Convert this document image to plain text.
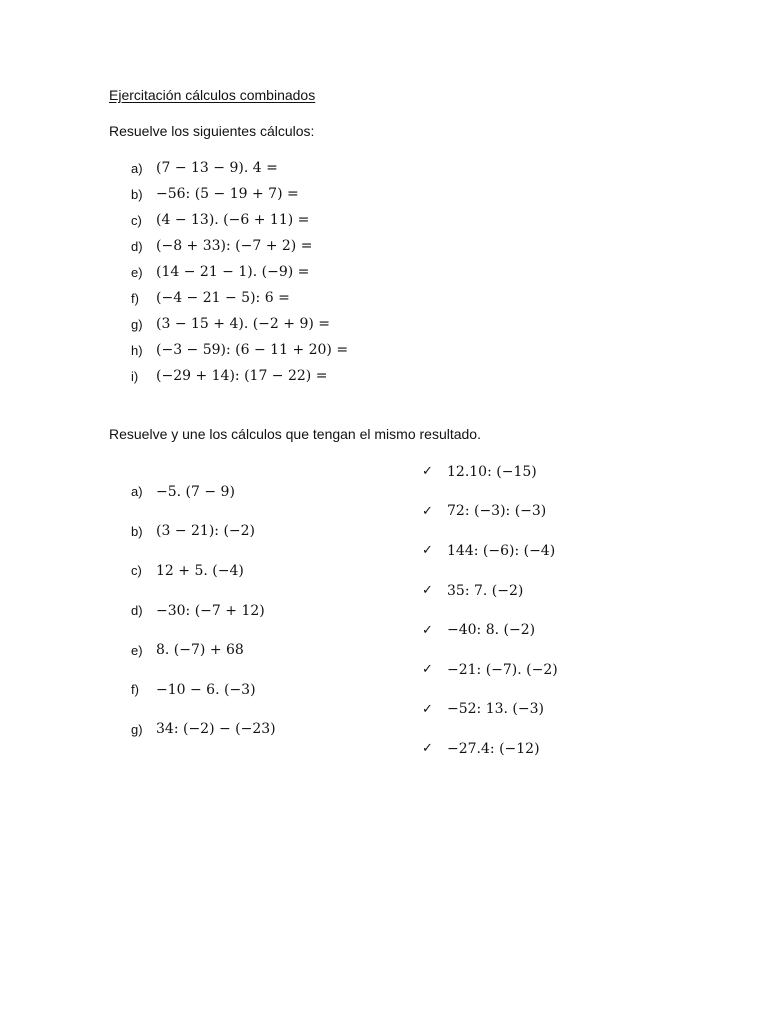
Ejercitación cálculos combinados
Resuelve los siguientes cálculos:
a) (7 − 13 − 9). 4 =
b) −56: (5 − 19 + 7) =
c)	(4 − 13). (−6 + 11) =
d) (−8 + 33): (−7 + 2) =
e) (14 − 21 − 1). (−9) =
f)	(−4 − 21 − 5): 6 =
g) (3 − 15 + 4). (−2 + 9) =
h) (−3 − 59): (6 − 11 + 20) =
i)	(−29 + 14): (17 − 22) =
Resuelve y une los cálculos que tengan el mismo resultado.
a) −5. (7 − 9)
b) (3 − 21): (−2)
c)	12 + 5. (−4)
d) −30: (−7 + 12)
e) 8. (−7) + 68
f)	−10 − 6. (−3)
g) 34: (−2) − (−23)
✓	12.10: (−15)
✓	72: (−3): (−3)
✓	144: (−6): (−4)
✓	35: 7. (−2)
✓	−40: 8. (−2)
✓	−21: (−7). (−2)
✓	−52: 13. (−3)
✓	−27.4: (−12)
